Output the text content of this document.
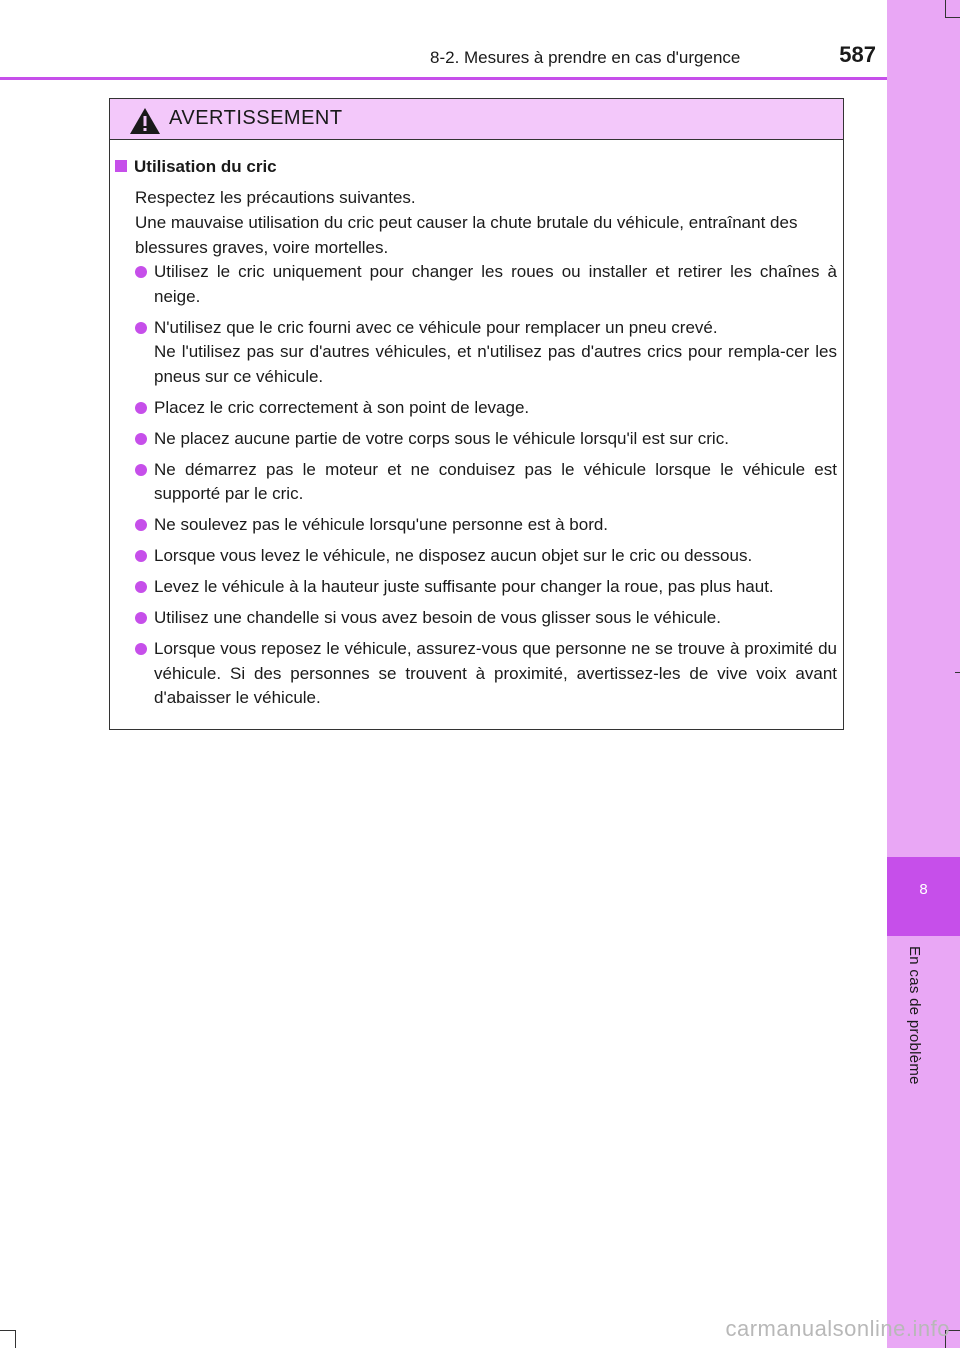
8
En cas de problème
8-2. Mesures à prendre en cas d'urgence	587
AVERTISSEMENT
Utilisation du cric
Respectez les précautions suivantes.
Une mauvaise utilisation du cric peut causer la chute brutale du véhicule, entraînant des blessures graves, voire mortelles.
Utilisez le cric uniquement pour changer les roues ou installer et retirer les chaînes à neige.
N'utilisez que le cric fourni avec ce véhicule pour remplacer un pneu crevé.
Ne l'utilisez pas sur d'autres véhicules, et n'utilisez pas d'autres crics pour rempla-cer les pneus sur ce véhicule.
Placez le cric correctement à son point de levage.
Ne placez aucune partie de votre corps sous le véhicule lorsqu'il est sur cric.
Ne démarrez pas le moteur et ne conduisez pas le véhicule lorsque le véhicule est supporté par le cric.
Ne soulevez pas le véhicule lorsqu'une personne est à bord.
Lorsque vous levez le véhicule, ne disposez aucun objet sur le cric ou dessous.
Levez le véhicule à la hauteur juste suffisante pour changer la roue, pas plus haut.
Utilisez une chandelle si vous avez besoin de vous glisser sous le véhicule.
Lorsque vous reposez le véhicule, assurez-vous que personne ne se trouve à proximité du véhicule. Si des personnes se trouvent à proximité, avertissez-les de vive voix avant d'abaisser le véhicule.
carmanualsonline.info
